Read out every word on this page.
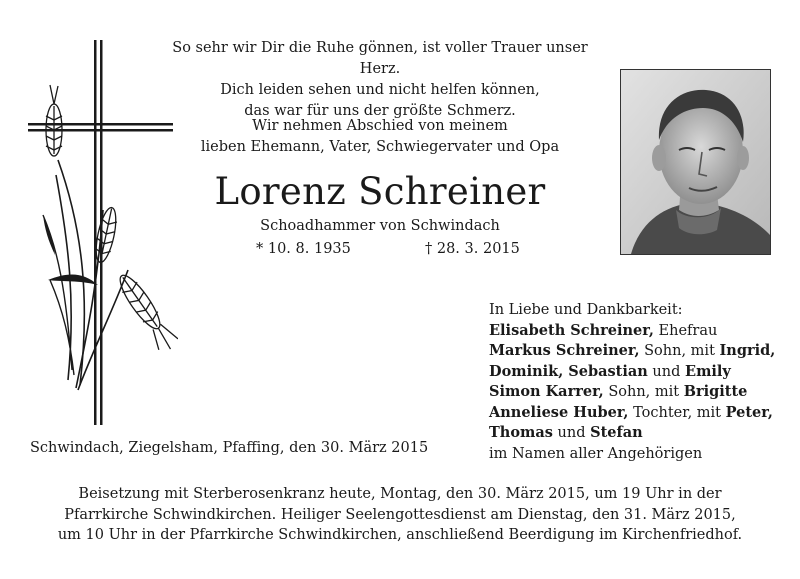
So sehr wir Dir die Ruhe gönnen, ist voller Trauer unser Herz.
Dich leiden sehen und nicht helfen können,
das war für uns der größte Schmerz.
Wir nehmen Abschied von meinem
lieben Ehemann, Vater, Schwiegervater und Opa
Lorenz Schreiner
Schoadhammer von Schwindach
* 10. 8. 1935	† 28. 3. 2015
In Liebe und Dankbarkeit:
Elisabeth Schreiner, Ehefrau
Markus Schreiner, Sohn, mit Ingrid,
Dominik, Sebastian und Emily
Simon Karrer, Sohn, mit Brigitte
Anneliese Huber, Tochter, mit Peter,
Thomas und Stefan
im Namen aller Angehörigen
Schwindach, Ziegelsham, Pfaffing, den 30. März 2015
Beisetzung mit Sterberosenkranz heute, Montag, den 30. März 2015, um 19 Uhr in der
Pfarrkirche Schwindkirchen. Heiliger Seelengottesdienst am Dienstag, den 31. März 2015,
um 10 Uhr in der Pfarrkirche Schwindkirchen, anschließend Beerdigung im Kirchenfriedhof.
